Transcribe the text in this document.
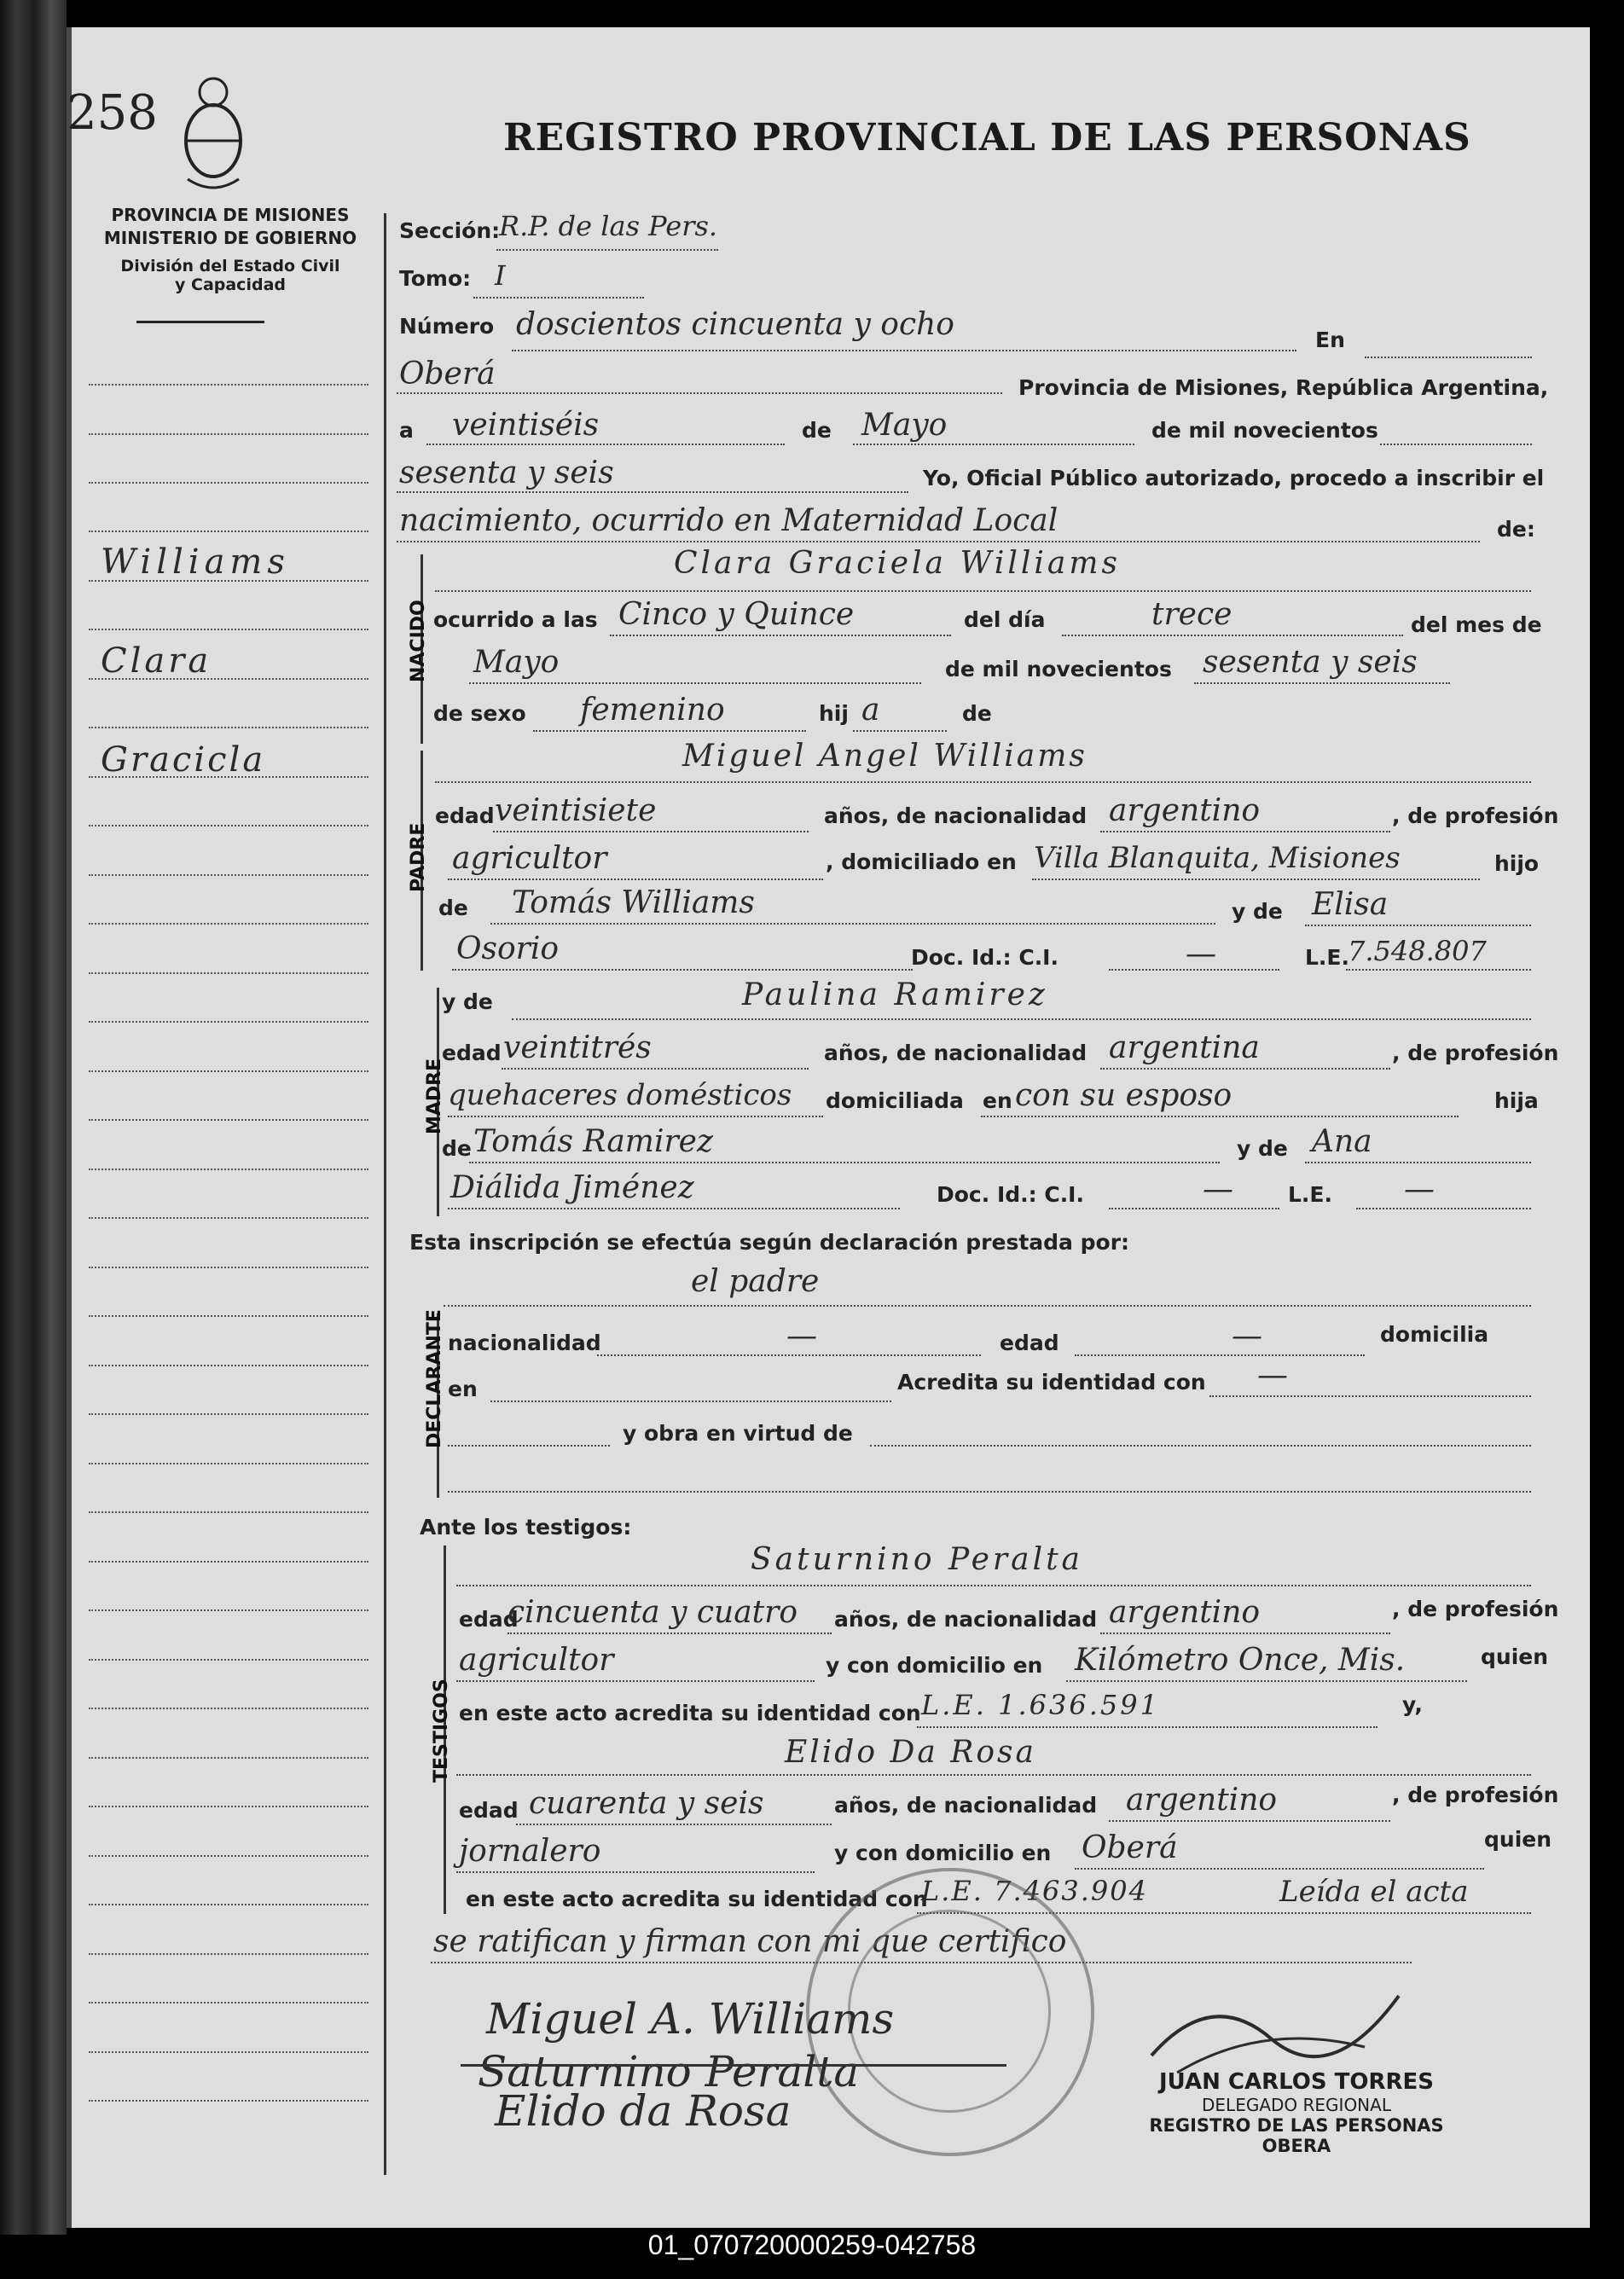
258	REGISTRO PROVINCIAL DE LAS PERSONAS
PROVINCIA DE MISIONES
MINISTERIO DE GOBIERNO
División del Estado Civil
y Capacidad
Williams
Clara
Gracicla
Sección:
R.P. de las Pers.
Tomo: I
Número doscientos cincuenta y ocho	En
Oberá	Provincia de Misiones, República Argentina,
a veintiséis	de Mayo	de mil novecientos
sesenta y seis	Yo, Oficial Público autorizado, procedo a inscribir el
nacimiento, ocurrido en Maternidad Local	de:
NACIDO
Clara Graciela Williams
ocurrido a las Cinco y Quince	del día	trece	del mes de
Mayo	de mil novecientos sesenta y seis
de sexo femenino	hij a	de
PADRE
Miguel Angel Williams
edad veintisiete	años, de nacionalidad argentino	, de profesión
agricultor	, domiciliado en Villa Blanquita, Misiones	hijo
de Tomás Williams	y de Elisa
Osorio	Doc. Id.: C.I.	—	L.E.
7.548.807
MADRE
y de	Paulina Ramirez
edad veintitrés	años, de nacionalidad argentina	, de profesión
quehaceres domésticos domiciliada en con su esposo	hija
de Tomás Ramirez	y de Ana
Diálida Jiménez	Doc. Id.: C.I.	—	L.E. —
Esta inscripción se efectúa según declaración prestada por:
el padre
DECLARANTE nacionalidad	—	edad	—	domicilia
en	Acredita su identidad con —
y obra en virtud de
Ante los testigos:
TESTIGOS
Saturnino Peralta
edad
cincuenta y cuatro años, de nacionalidad argentino	, de profesión
agricultor	y con domicilio en Kilómetro Once, Mis.	quien
en este acto acredita su identidad con L.E. 1.636.591	y,
Elido Da Rosa
edad cuarenta y seis	años, de nacionalidad argentino	, de profesión
jornalero	y con domicilio en Oberá	quien
en este acto acredita su identidad con
L.E. 7.463.904	Leída el acta
se ratifican y firman con mi que certifico
Miguel A. Williams
Saturnino Peralta
Elido da Rosa
JUAN CARLOS TORRES
DELEGADO REGIONAL
REGISTRO DE LAS PERSONAS
OBERA
01_070720000259-042758
